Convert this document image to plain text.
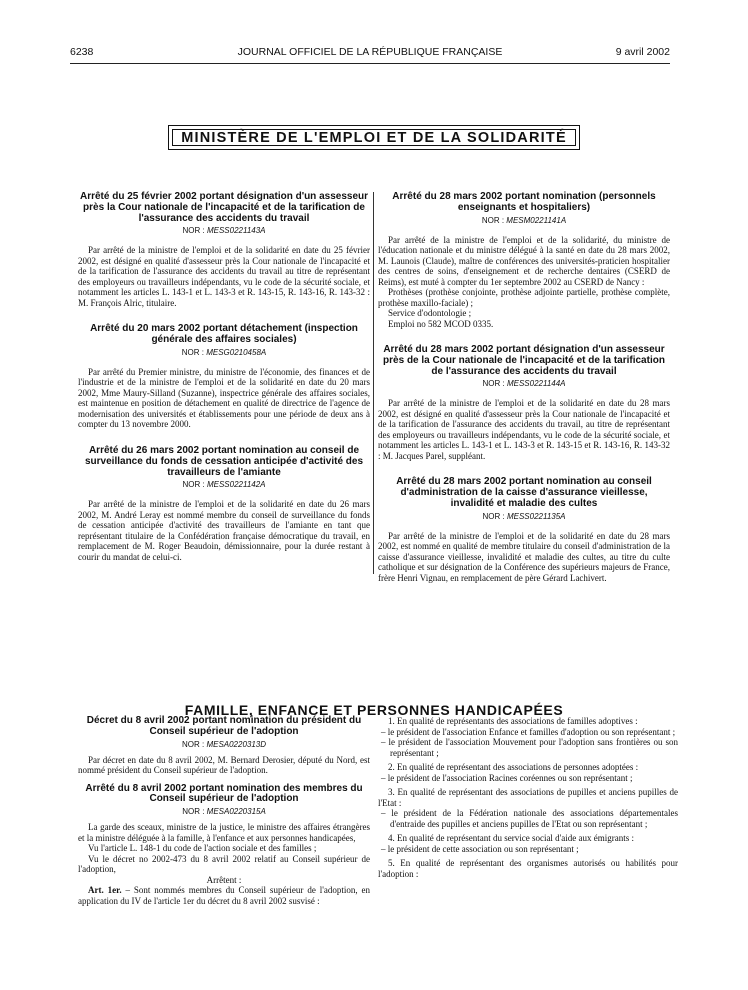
6238	JOURNAL OFFICIEL DE LA RÉPUBLIQUE FRANÇAISE	9 avril 2002
MINISTÈRE DE L'EMPLOI ET DE LA SOLIDARITÉ
Arrêté du 25 février 2002 portant désignation d'un assesseur près la Cour nationale de l'incapacité et de la tarification de l'assurance des accidents du travail

NOR : MESS0221143A

Par arrêté de la ministre de l'emploi et de la solidarité en date du 25 février 2002, est désigné en qualité d'assesseur près la Cour nationale de l'incapacité et de la tarification de l'assurance des accidents du travail au titre de représentant des employeurs ou travailleurs indépendants, vu le code de la sécurité sociale, et notamment les articles L. 143-1 et L. 143-3 et R. 143-15, R. 143-16, R. 143-32 : M. François Alric, titulaire.

Arrêté du 20 mars 2002 portant détachement (inspection générale des affaires sociales)

NOR : MESG0210458A

Par arrêté du Premier ministre, du ministre de l'économie, des finances et de l'industrie et de la ministre de l'emploi et de la solidarité en date du 20 mars 2002, Mme Maury-Silland (Suzanne), inspectrice générale des affaires sociales, est maintenue en position de détachement en qualité de directrice de l'agence de modernisation des universités et établissements pour une période de deux ans à compter du 13 novembre 2000.

Arrêté du 26 mars 2002 portant nomination au conseil de surveillance du fonds de cessation anticipée d'activité des travailleurs de l'amiante

NOR : MESS0221142A

Par arrêté de la ministre de l'emploi et de la solidarité en date du 26 mars 2002, M. André Leray est nommé membre du conseil de surveillance du fonds de cessation anticipée d'activité des travailleurs de l'amiante en tant que représentant titulaire de la Confédération française démocratique du travail, en remplacement de M. Roger Beaudoin, démissionnaire, pour la durée restant à courir du mandat de celui-ci.

Arrêté du 28 mars 2002 portant nomination (personnels enseignants et hospitaliers)

NOR : MESM0221141A

Par arrêté de la ministre de l'emploi et de la solidarité, du ministre de l'éducation nationale et du ministre délégué à la santé en date du 28 mars 2002, M. Launois (Claude), maître de conférences des universités-praticien hospitalier des centres de soins, d'enseignement et de recherche dentaires (CSERD de Reims), est muté à compter du 1er septembre 2002 au CSERD de Nancy :

Prothèses (prothèse conjointe, prothèse adjointe partielle, prothèse complète, prothèse maxillo-faciale) ;

Service d'odontologie ;

Emploi no 582 MCOD 0335.

Arrêté du 28 mars 2002 portant désignation d'un assesseur près de la Cour nationale de l'incapacité et de la tarification de l'assurance des accidents du travail

NOR : MESS0221144A

Par arrêté de la ministre de l'emploi et de la solidarité en date du 28 mars 2002, est désigné en qualité d'assesseur près la Cour nationale de l'incapacité et de la tarification de l'assurance des accidents du travail, au titre de représentant des employeurs ou travailleurs indépendants, vu le code de la sécurité sociale, et notamment les articles L. 143-1 et L. 143-3 et R. 143-15 et R. 143-16, R. 143-32 : M. Jacques Parel, suppléant.

Arrêté du 28 mars 2002 portant nomination au conseil d'administration de la caisse d'assurance vieillesse, invalidité et maladie des cultes

NOR : MESS0221135A

Par arrêté de la ministre de l'emploi et de la solidarité en date du 28 mars 2002, est nommé en qualité de membre titulaire du conseil d'administration de la caisse d'assurance vieillesse, invalidité et maladie des cultes, au titre du culte catholique et sur désignation de la Conférence des supérieurs majeurs de France, frère Henri Vignau, en remplacement de père Gérard Lachivert.

FAMILLE, ENFANCE ET PERSONNES HANDICAPÉES
Décret du 8 avril 2002 portant nomination du président du Conseil supérieur de l'adoption

NOR : MESA0220313D

Par décret en date du 8 avril 2002, M. Bernard Derosier, député du Nord, est nommé président du Conseil supérieur de l'adoption.

Arrêté du 8 avril 2002 portant nomination des membres du Conseil supérieur de l'adoption

NOR : MESA0220315A

La garde des sceaux, ministre de la justice, le ministre des affaires étrangères et la ministre déléguée à la famille, à l'enfance et aux personnes handicapées,

Vu l'article L. 148-1 du code de l'action sociale et des familles ;

Vu le décret no 2002-473 du 8 avril 2002 relatif au Conseil supérieur de l'adoption,

Arrêtent :

Art. 1er. – Sont nommés membres du Conseil supérieur de l'adoption, en application du IV de l'article 1er du décret du 8 avril 2002 susvisé :

1. En qualité de représentants des associations de familles adoptives :

– le président de l'association Enfance et familles d'adoption ou son représentant ;

– le président de l'association Mouvement pour l'adoption sans frontières ou son représentant ;

2. En qualité de représentant des associations de personnes adoptées :

– le président de l'association Racines coréennes ou son représentant ;

3. En qualité de représentant des associations de pupilles et anciens pupilles de l'Etat :

– le président de la Fédération nationale des associations départementales d'entraide des pupilles et anciens pupilles de l'Etat ou son représentant ;

4. En qualité de représentant du service social d'aide aux émigrants :

– le président de cette association ou son représentant ;

5. En qualité de représentant des organismes autorisés ou habilités pour l'adoption :
